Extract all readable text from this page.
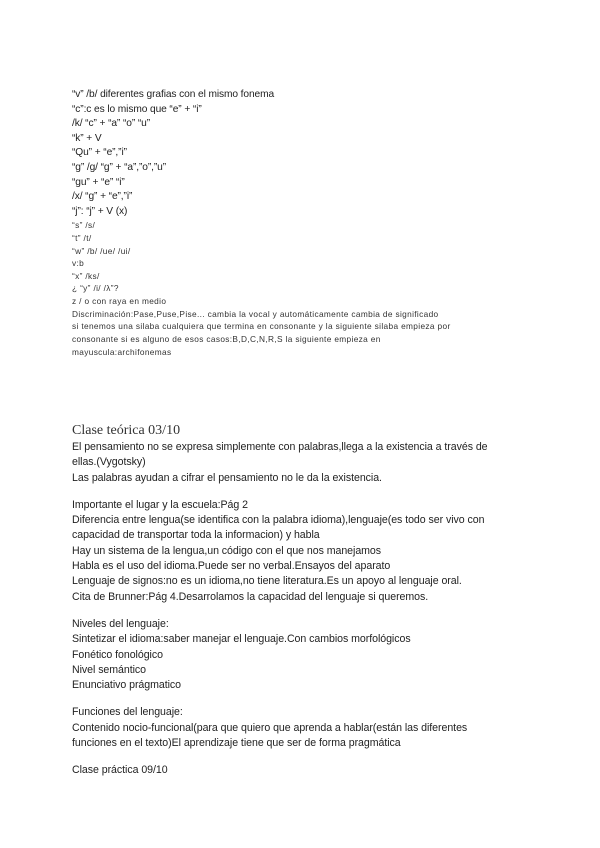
“v” /b/ diferentes grafias con el mismo fonema
“c”:c es lo mismo que “e” + “i”
/k/ “c” + “a” “o” “u”
“k” + V
“Qu” + “e”,”i”
“g” /g/ “g” + “a”,”o”,”u”
“gu” + “e” “i”
/x/ “g” + “e”,”i”
“j”: “j” + V (x)
“s” /s/
“t” /t/
“w” /b/ /ue/ /ui/
v:b
“x” /ks/
¿ “y” /i/ /λ”?
z / o con raya en medio
Discriminación:Pase,Puse,Pise... cambia la vocal y automáticamente cambia de significado
si tenemos una silaba cualquiera que termina en consonante y la siguiente silaba empieza por
consonante si es alguno de esos casos:B,D,C,N,R,S la siguiente empieza en
mayuscula:archifonemas
Clase teórica 03/10
El pensamiento no se expresa simplemente con palabras,llega a la existencia a través de
ellas.(Vygotsky)
Las palabras ayudan a cifrar el pensamiento no le da la existencia.
Importante el lugar y la escuela:Pág 2
Diferencia entre lengua(se identifica con la palabra idioma),lenguaje(es todo ser vivo con
capacidad de transportar toda la informacion) y habla
Hay un sistema de la lengua,un código con el que nos manejamos
Habla es el uso del idioma.Puede ser no verbal.Ensayos del aparato
Lenguaje de signos:no es un idioma,no tiene literatura.Es un apoyo al lenguaje oral.
Cita de Brunner:Pág 4.Desarrolamos la capacidad del lenguaje si queremos.
Niveles del lenguaje:
Sintetizar el idioma:saber manejar el lenguaje.Con cambios morfológicos
Fonético fonológico
Nivel semántico
Enunciativo prágmatico
Funciones del lenguaje:
Contenido nocio-funcional(para que quiero que aprenda a hablar(están las diferentes
funciones en el texto)El aprendizaje tiene que ser de forma pragmática
Clase práctica 09/10
